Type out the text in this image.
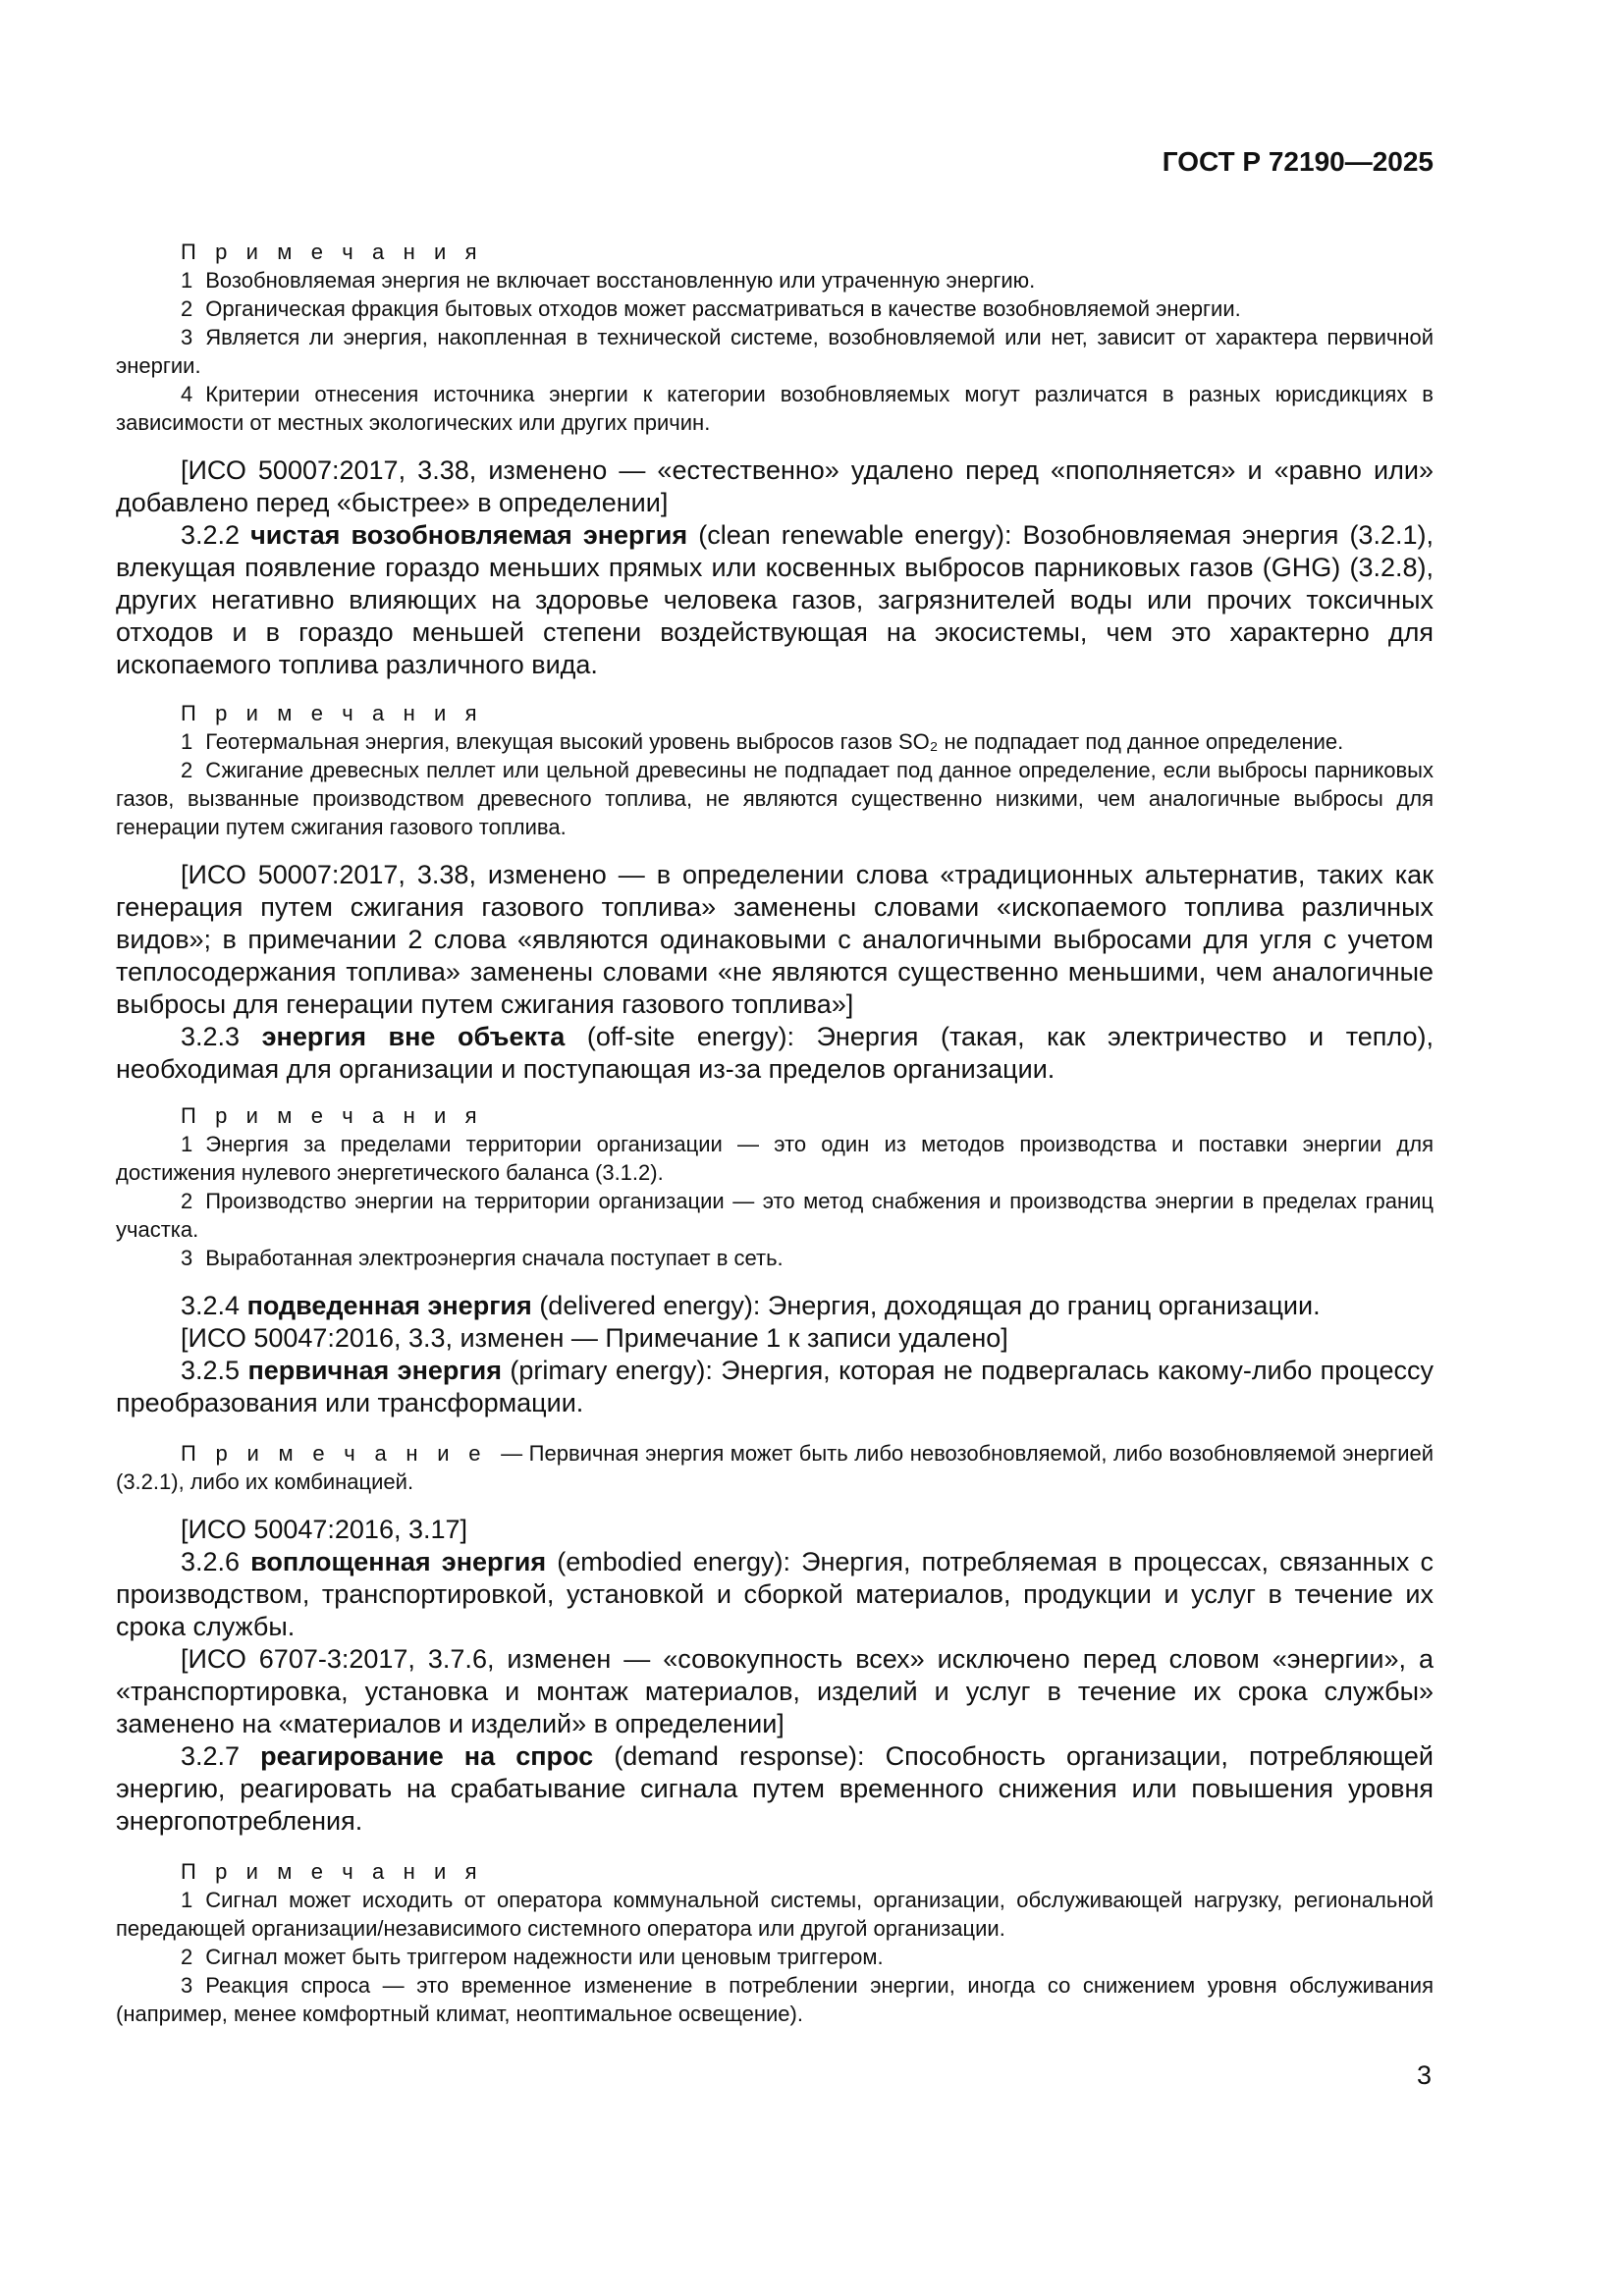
ГОСТ Р 72190—2025

П р и м е ч а н и я

1 Возобновляемая энергия не включает восстановленную или утраченную энергию.

2 Органическая фракция бытовых отходов может рассматриваться в качестве возобновляемой энергии.

3 Является ли энергия, накопленная в технической системе, возобновляемой или нет, зависит от характера первичной энергии.

4 Критерии отнесения источника энергии к категории возобновляемых могут различатся в разных юрисдикциях в зависимости от местных экологических или других причин.

[ИСО 50007:2017, 3.38, изменено — «естественно» удалено перед «пополняется» и «равно или» добавлено перед «быстрее» в определении]

3.2.2 чистая возобновляемая энергия (clean renewable energy): Возобновляемая энергия (3.2.1), влекущая появление гораздо меньших прямых или косвенных выбросов парниковых газов (GHG) (3.2.8), других негативно влияющих на здоровье человека газов, загрязнителей воды или прочих токсичных отходов и в гораздо меньшей степени воздействующая на экосистемы, чем это характерно для ископаемого топлива различного вида.

П р и м е ч а н и я

1 Геотермальная энергия, влекущая высокий уровень выбросов газов SO₂ не подпадает под данное определение.

2 Сжигание древесных пеллет или цельной древесины не подпадает под данное определение, если выбросы парниковых газов, вызванные производством древесного топлива, не являются существенно низкими, чем аналогичные выбросы для генерации путем сжигания газового топлива.

[ИСО 50007:2017, 3.38, изменено — в определении слова «традиционных альтернатив, таких как генерация путем сжигания газового топлива» заменены словами «ископаемого топлива различных видов»; в примечании 2 слова «являются одинаковыми с аналогичными выбросами для угля с учетом теплосодержания топлива» заменены словами «не являются существенно меньшими, чем аналогичные выбросы для генерации путем сжигания газового топлива»]

3.2.3 энергия вне объекта (off-site energy): Энергия (такая, как электричество и тепло), необходимая для организации и поступающая из-за пределов организации.

П р и м е ч а н и я

1 Энергия за пределами территории организации — это один из методов производства и поставки энергии для достижения нулевого энергетического баланса (3.1.2).

2 Производство энергии на территории организации — это метод снабжения и производства энергии в пределах границ участка.

3 Выработанная электроэнергия сначала поступает в сеть.

3.2.4 подведенная энергия (delivered energy): Энергия, доходящая до границ организации.

[ИСО 50047:2016, 3.3, изменен — Примечание 1 к записи удалено]

3.2.5 первичная энергия (primary energy): Энергия, которая не подвергалась какому-либо процессу преобразования или трансформации.

П р и м е ч а н и е — Первичная энергия может быть либо невозобновляемой, либо возобновляемой энергией (3.2.1), либо их комбинацией.

[ИСО 50047:2016, 3.17]

3.2.6 воплощенная энергия (embodied energy): Энергия, потребляемая в процессах, связанных с производством, транспортировкой, установкой и сборкой материалов, продукции и услуг в течение их срока службы.

[ИСО 6707-3:2017, 3.7.6, изменен — «совокупность всех» исключено перед словом «энергии», а «транспортировка, установка и монтаж материалов, изделий и услуг в течение их срока службы» заменено на «материалов и изделий» в определении]

3.2.7 реагирование на спрос (demand response): Способность организации, потребляющей энергию, реагировать на срабатывание сигнала путем временного снижения или повышения уровня энергопотребления.

П р и м е ч а н и я

1 Сигнал может исходить от оператора коммунальной системы, организации, обслуживающей нагрузку, региональной передающей организации/независимого системного оператора или другой организации.

2 Сигнал может быть триггером надежности или ценовым триггером.

3 Реакция спроса — это временное изменение в потреблении энергии, иногда со снижением уровня обслуживания (например, менее комфортный климат, неоптимальное освещение).

3
